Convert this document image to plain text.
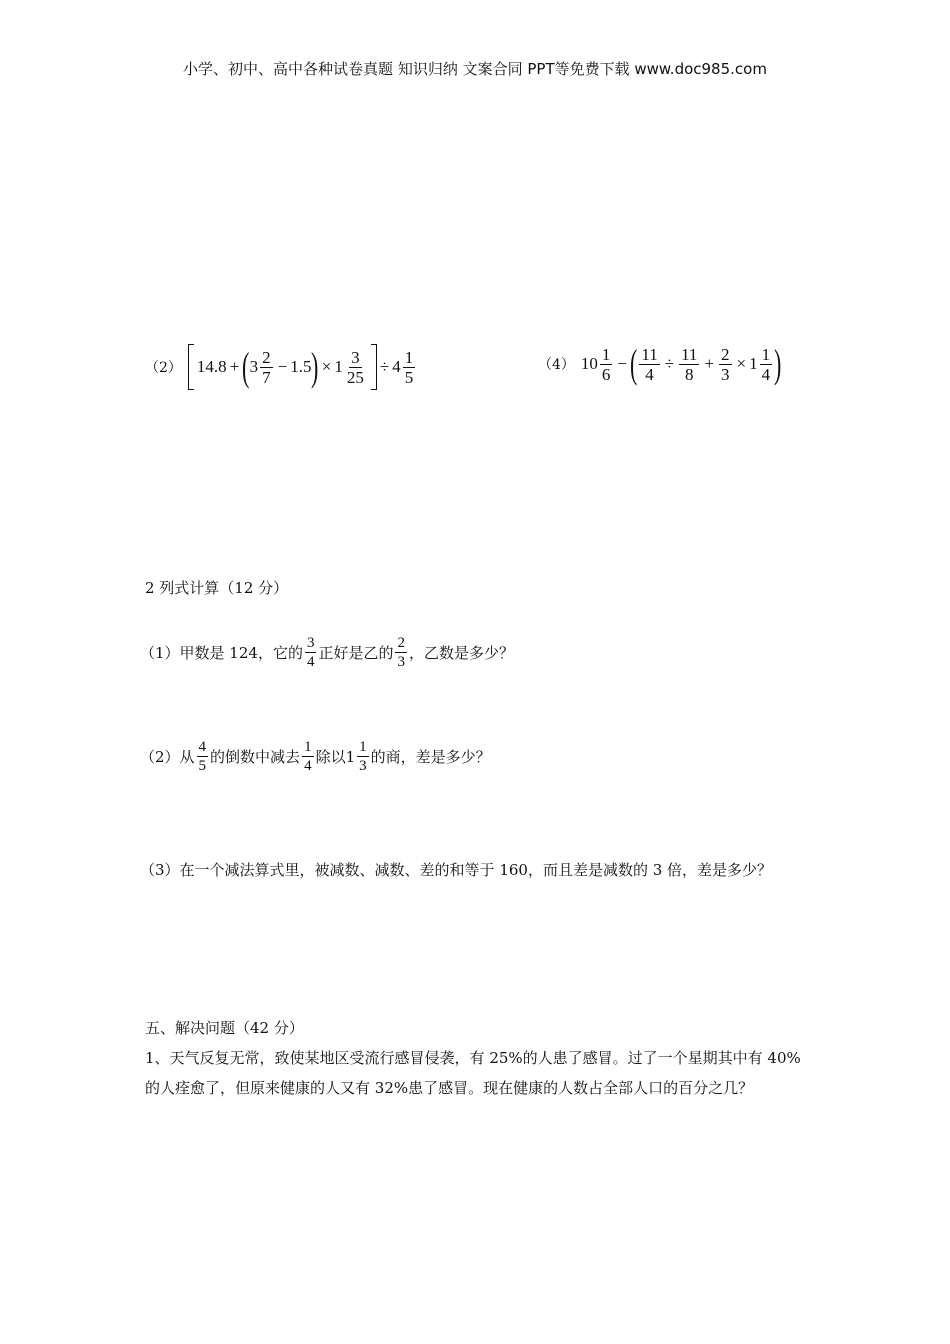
小学、初中、高中各种试卷真题 知识归纳 文案合同 PPT等免费下载 www.doc985.com
（2） 14.8 + ( $3 \frac{2}{7} - 1.5$ ) × $1 \frac{3}{25} \div 4 \frac{1}{5}$	（4） $10 \frac{1}{6}$ − ( $\frac{11}{4} \div \frac{11}{8} + \frac{2}{3} \times 1 \frac{1}{4}$ )
2 列式计算（12 分）
（1）甲数是 124，它的 $\frac{3}{4}$ 正好是乙的 $\frac{2}{3}$ ，乙数是多少？
（2）从 $\frac{4}{5}$ 的倒数中减去 $\frac{1}{4}$ 除以 $1 \frac{1}{3}$ 的商，差是多少？
（3）在一个减法算式里，被减数、减数、差的和等于 160，而且差是减数的 3 倍，差是多少？
五、解决问题（42 分）
1、天气反复无常，致使某地区受流行感冒侵袭，有 25%的人患了感冒。过了一个星期其中有 40%的人痊愈了，但原来健康的人又有 32%患了感冒。现在健康的人数占全部人口的百分之几？
